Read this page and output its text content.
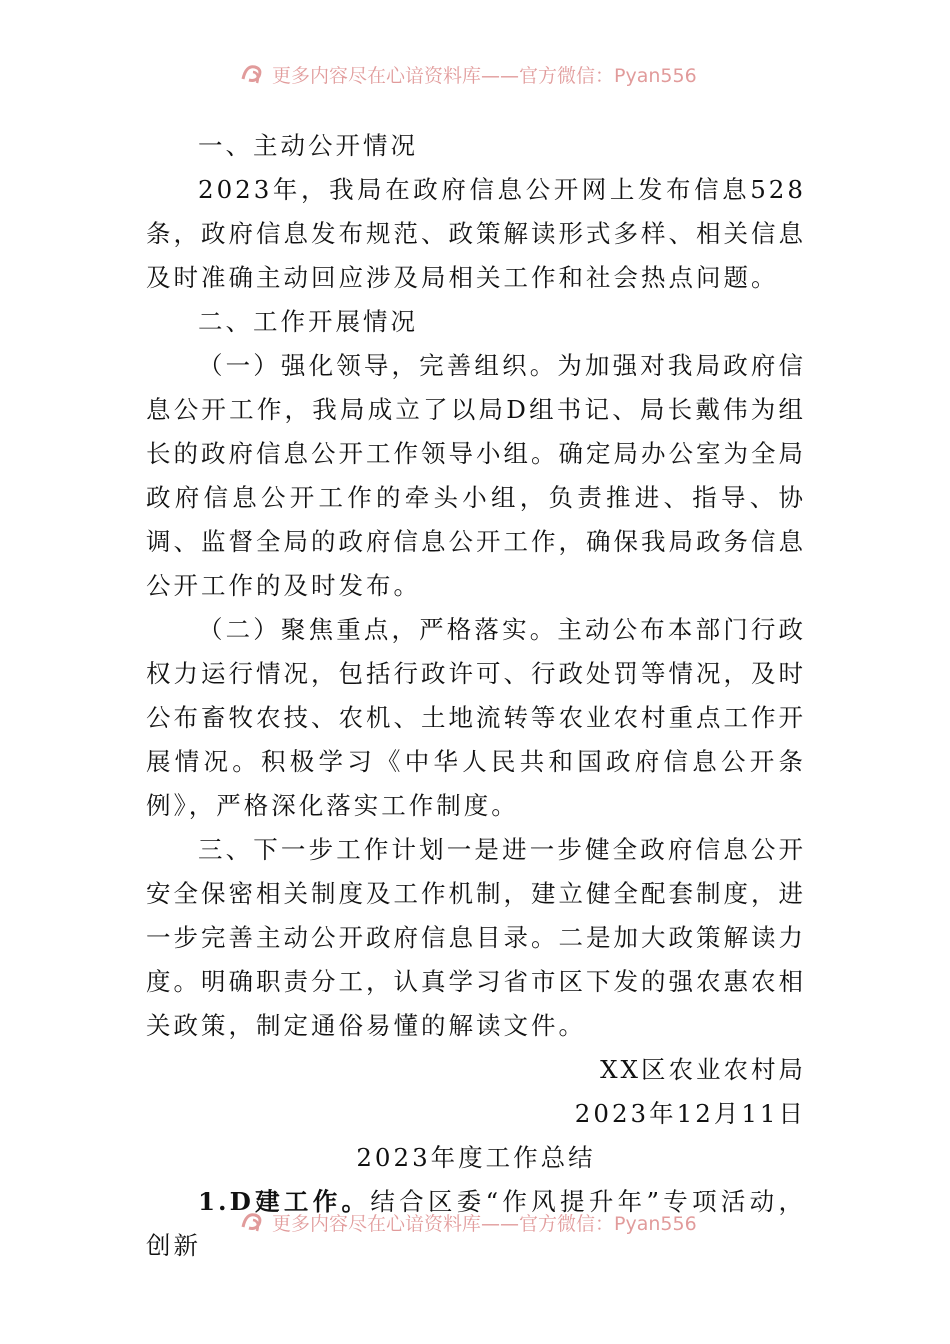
更多内容尽在心谙资料库——官方微信：Pyan556

一、主动公开情况

2023年，我局在政府信息公开网上发布信息528条，政府信息发布规范、政策解读形式多样、相关信息及时准确主动回应涉及局相关工作和社会热点问题。

二、工作开展情况

（一）强化领导，完善组织。为加强对我局政府信息公开工作，我局成立了以局D组书记、局长戴伟为组长的政府信息公开工作领导小组。确定局办公室为全局政府信息公开工作的牵头小组，负责推进、指导、协调、监督全局的政府信息公开工作，确保我局政务信息公开工作的及时发布。

（二）聚焦重点，严格落实。主动公布本部门行政权力运行情况，包括行政许可、行政处罚等情况，及时公布畜牧农技、农机、土地流转等农业农村重点工作开展情况。积极学习《中华人民共和国政府信息公开条例》，严格深化落实工作制度。

三、下一步工作计划一是进一步健全政府信息公开安全保密相关制度及工作机制，建立健全配套制度，进一步完善主动公开政府信息目录。二是加大政策解读力度。明确职责分工，认真学习省市区下发的强农惠农相关政策，制定通俗易懂的解读文件。

XX区农业农村局

2023年12月11日

2023年度工作总结

1.D建工作。结合区委“作风提升年”专项活动，创新

更多内容尽在心谙资料库——官方微信：Pyan556
